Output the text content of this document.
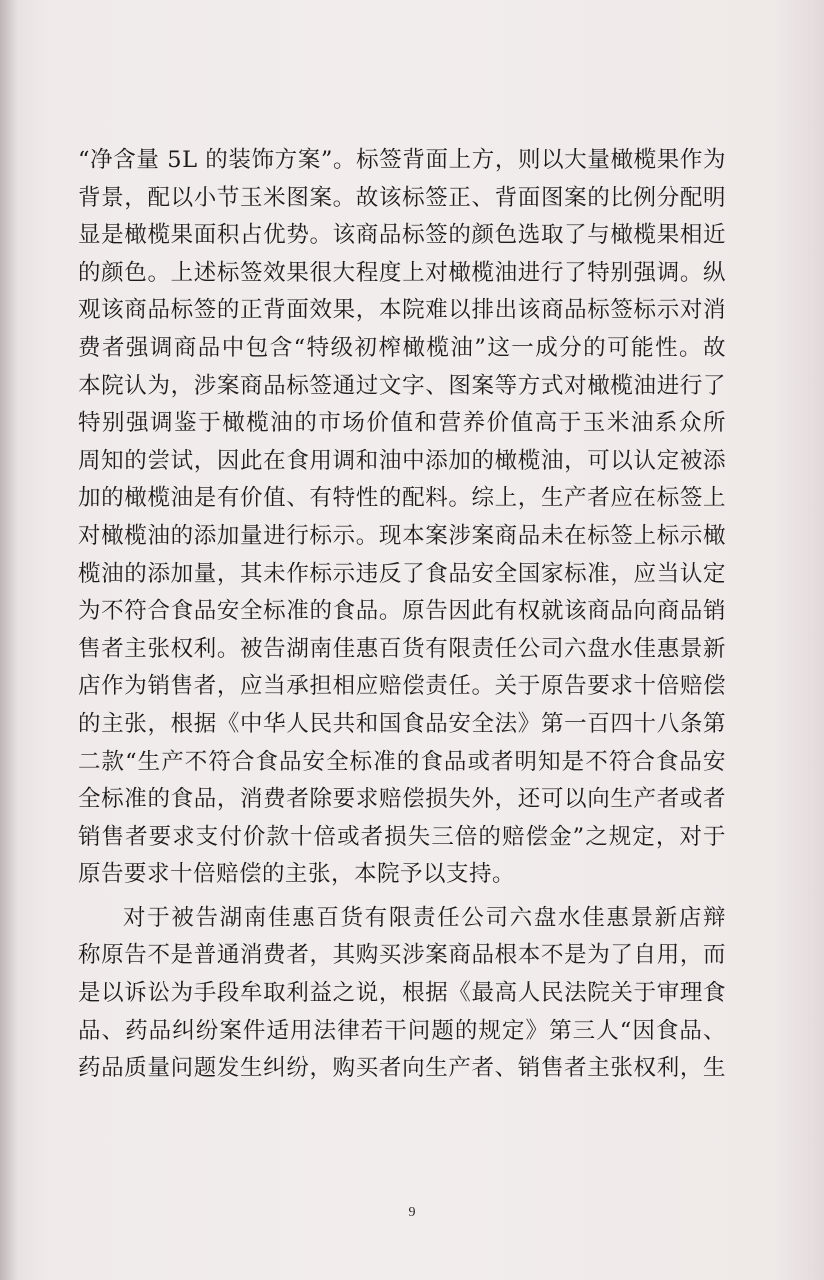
“净含量 5L 的装饰方案”。标签背面上方，则以大量橄榄果作为
背景，配以小节玉米图案。故该标签正、背面图案的比例分配明
显是橄榄果面积占优势。该商品标签的颜色选取了与橄榄果相近
的颜色。上述标签效果很大程度上对橄榄油进行了特别强调。纵
观该商品标签的正背面效果，本院难以排出该商品标签标示对消
费者强调商品中包含“特级初榨橄榄油”这一成分的可能性。故
本院认为，涉案商品标签通过文字、图案等方式对橄榄油进行了
特别强调鉴于橄榄油的市场价值和营养价值高于玉米油系众所
周知的尝试，因此在食用调和油中添加的橄榄油，可以认定被添
加的橄榄油是有价值、有特性的配料。综上，生产者应在标签上
对橄榄油的添加量进行标示。现本案涉案商品未在标签上标示橄
榄油的添加量，其未作标示违反了食品安全国家标准，应当认定
为不符合食品安全标准的食品。原告因此有权就该商品向商品销
售者主张权利。被告湖南佳惠百货有限责任公司六盘水佳惠景新
店作为销售者，应当承担相应赔偿责任。关于原告要求十倍赔偿
的主张，根据《中华人民共和国食品安全法》第一百四十八条第
二款“生产不符合食品安全标准的食品或者明知是不符合食品安
全标准的食品，消费者除要求赔偿损失外，还可以向生产者或者
销售者要求支付价款十倍或者损失三倍的赔偿金”之规定，对于
原告要求十倍赔偿的主张，本院予以支持。
对于被告湖南佳惠百货有限责任公司六盘水佳惠景新店辩
称原告不是普通消费者，其购买涉案商品根本不是为了自用，而
是以诉讼为手段牟取利益之说，根据《最高人民法院关于审理食
品、药品纠纷案件适用法律若干问题的规定》第三人“因食品、
药品质量问题发生纠纷，购买者向生产者、销售者主张权利，生
9
